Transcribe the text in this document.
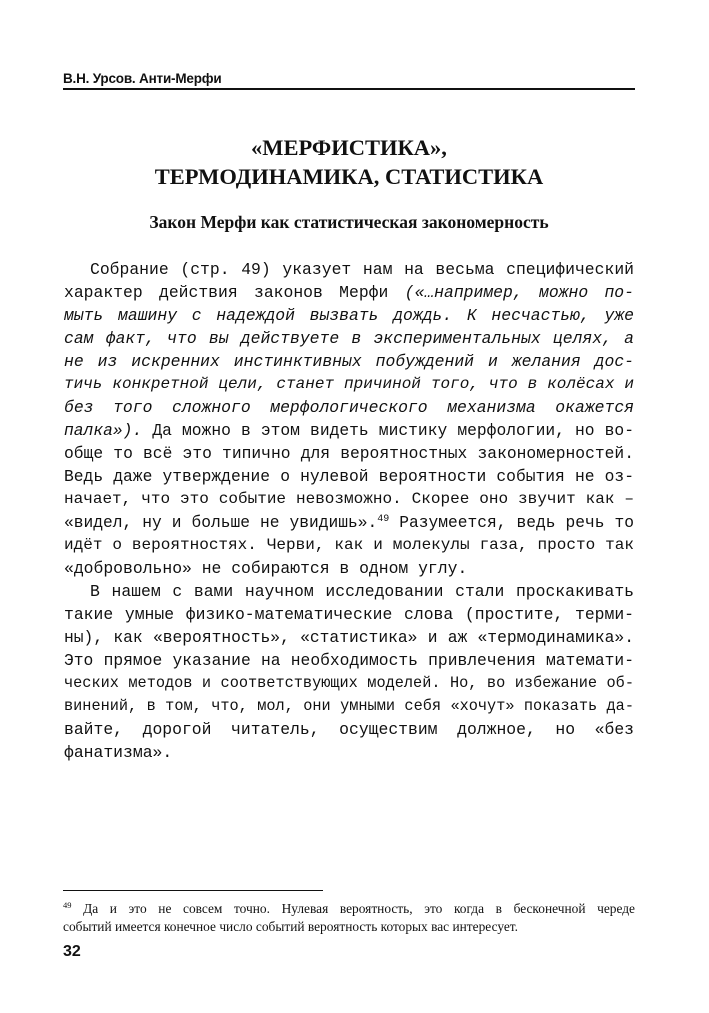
В.Н. Урсов. Анти-Мерфи
«МЕРФИСТИКА»,
ТЕРМОДИНАМИКА, СТАТИСТИКА
Закон Мерфи как статистическая закономерность
Собрание (стр. 49) указует нам на весьма специфический
характер действия законов Мерфи («…например, можно по-
мыть машину с надеждой вызвать дождь. К несчастью, уже
сам факт, что вы действуете в экспериментальных целях, а
не из искренних инстинктивных побуждений и желания дос-
тичь конкретной цели, станет причиной того, что в колёсах и
без того сложного мерфологического механизма окажется
палка»). Да можно в этом видеть мистику мерфологии, но во-
обще то всё это типично для вероятностных закономерностей.
Ведь даже утверждение о нулевой вероятности события не оз-
начает, что это событие невозможно. Скорее оно звучит как –
«видел, ну и больше не увидишь».$^{49}$ Разумеется, ведь речь то
идёт о вероятностях. Черви, как и молекулы газа, просто так
«добровольно» не собираются в одном углу.
В нашем с вами научном исследовании стали проскакивать
такие умные физико-математические слова (простите, терми-
ны), как «вероятность», «статистика» и аж «термодинамика».
Это прямое указание на необходимость привлечения математи-
ческих методов и соответствующих моделей. Но, во избежание об-
винений, в том, что, мол, они умными себя «хочут» показать да-
вайте, дорогой читатель, осуществим должное, но «без
фанатизма».
$^{49}$ Да и это не совсем точно. Нулевая вероятность, это когда в бесконечной череде
событий имеется конечное число событий вероятность которых вас интересует.
32
